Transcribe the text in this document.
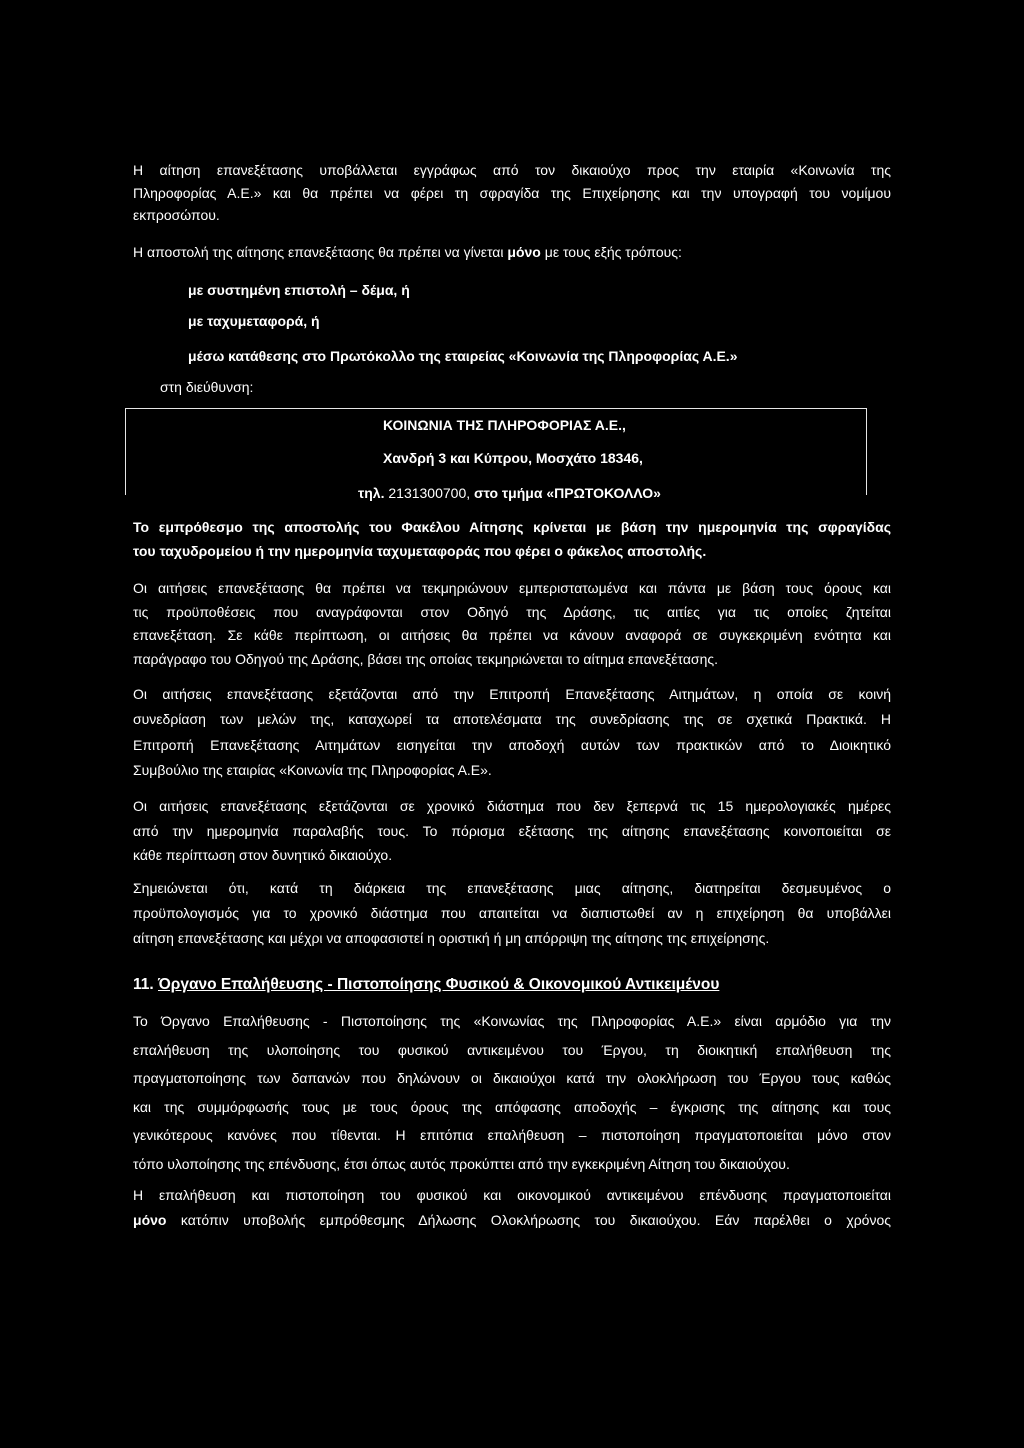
Η αίτηση επανεξέτασης υποβάλλεται εγγράφως από τον δικαιούχο προς την εταιρία «Κοινωνία της
Πληροφορίας Α.Ε.» και θα πρέπει να φέρει τη σφραγίδα της Επιχείρησης και την υπογραφή του νομίμου
εκπροσώπου.
Η αποστολή της αίτησης επανεξέτασης θα πρέπει να γίνεται μόνο με τους εξής τρόπους:
με συστημένη επιστολή – δέμα, ή
με ταχυμεταφορά, ή
μέσω κατάθεσης στο Πρωτόκολλο της εταιρείας «Κοινωνία της Πληροφορίας Α.Ε.»
στη διεύθυνση:
ΚΟΙΝΩΝΙΑ ΤΗΣ ΠΛΗΡΟΦΟΡΙΑΣ Α.Ε.,
Χανδρή 3 και Κύπρου, Μοσχάτο 18346,
τηλ. 2131300700, στο τμήμα «ΠΡΩΤΟΚΟΛΛΟ»
Το εμπρόθεσμο της αποστολής του Φακέλου Αίτησης κρίνεται με βάση την ημερομηνία της σφραγίδας
του ταχυδρομείου ή την ημερομηνία ταχυμεταφοράς που φέρει ο φάκελος αποστολής.
Οι αιτήσεις επανεξέτασης θα πρέπει να τεκμηριώνουν εμπεριστατωμένα και πάντα με βάση τους όρους και
τις προϋποθέσεις που αναγράφονται στον Οδηγό της Δράσης, τις αιτίες για τις οποίες ζητείται
επανεξέταση. Σε κάθε περίπτωση, οι αιτήσεις θα πρέπει να κάνουν αναφορά σε συγκεκριμένη ενότητα και
παράγραφο του Οδηγού της Δράσης, βάσει της οποίας τεκμηριώνεται το αίτημα επανεξέτασης.
Οι αιτήσεις επανεξέτασης εξετάζονται από την Επιτροπή Επανεξέτασης Αιτημάτων, η οποία σε κοινή
συνεδρίαση των μελών της, καταχωρεί τα αποτελέσματα της συνεδρίασης της σε σχετικά Πρακτικά. Η
Επιτροπή Επανεξέτασης Αιτημάτων εισηγείται την αποδοχή αυτών των πρακτικών από το Διοικητικό
Συμβούλιο της εταιρίας «Κοινωνία της Πληροφορίας Α.Ε».
Οι αιτήσεις επανεξέτασης εξετάζονται σε χρονικό διάστημα που δεν ξεπερνά τις 15 ημερολογιακές ημέρες
από την ημερομηνία παραλαβής τους. Το πόρισμα εξέτασης της αίτησης επανεξέτασης κοινοποιείται σε
κάθε περίπτωση στον δυνητικό δικαιούχο.
Σημειώνεται ότι, κατά τη διάρκεια της επανεξέτασης μιας αίτησης, διατηρείται δεσμευμένος ο
προϋπολογισμός για το χρονικό διάστημα που απαιτείται να διαπιστωθεί αν η επιχείρηση θα υποβάλλει
αίτηση επανεξέτασης και μέχρι να αποφασιστεί η οριστική ή μη απόρριψη της αίτησης της επιχείρησης.
11. Όργανο Επαλήθευσης - Πιστοποίησης Φυσικού & Οικονομικού Αντικειμένου
Το Όργανο Επαλήθευσης - Πιστοποίησης της «Κοινωνίας της Πληροφορίας Α.Ε.» είναι αρμόδιο για την
επαλήθευση της υλοποίησης του φυσικού αντικειμένου του Έργου, τη διοικητική επαλήθευση της
πραγματοποίησης των δαπανών που δηλώνουν οι δικαιούχοι κατά την ολοκλήρωση του Έργου τους καθώς
και της συμμόρφωσής τους με τους όρους της απόφασης αποδοχής – έγκρισης της αίτησης και τους
γενικότερους κανόνες που τίθενται. Η επιτόπια επαλήθευση – πιστοποίηση πραγματοποιείται μόνο στον
τόπο υλοποίησης της επένδυσης, έτσι όπως αυτός προκύπτει από την εγκεκριμένη Αίτηση του δικαιούχου.
Η επαλήθευση και πιστοποίηση του φυσικού και οικονομικού αντικειμένου επένδυσης πραγματοποιείται
μόνο κατόπιν υποβολής εμπρόθεσμης Δήλωσης Ολοκλήρωσης του δικαιούχου. Εάν παρέλθει ο χρόνος
